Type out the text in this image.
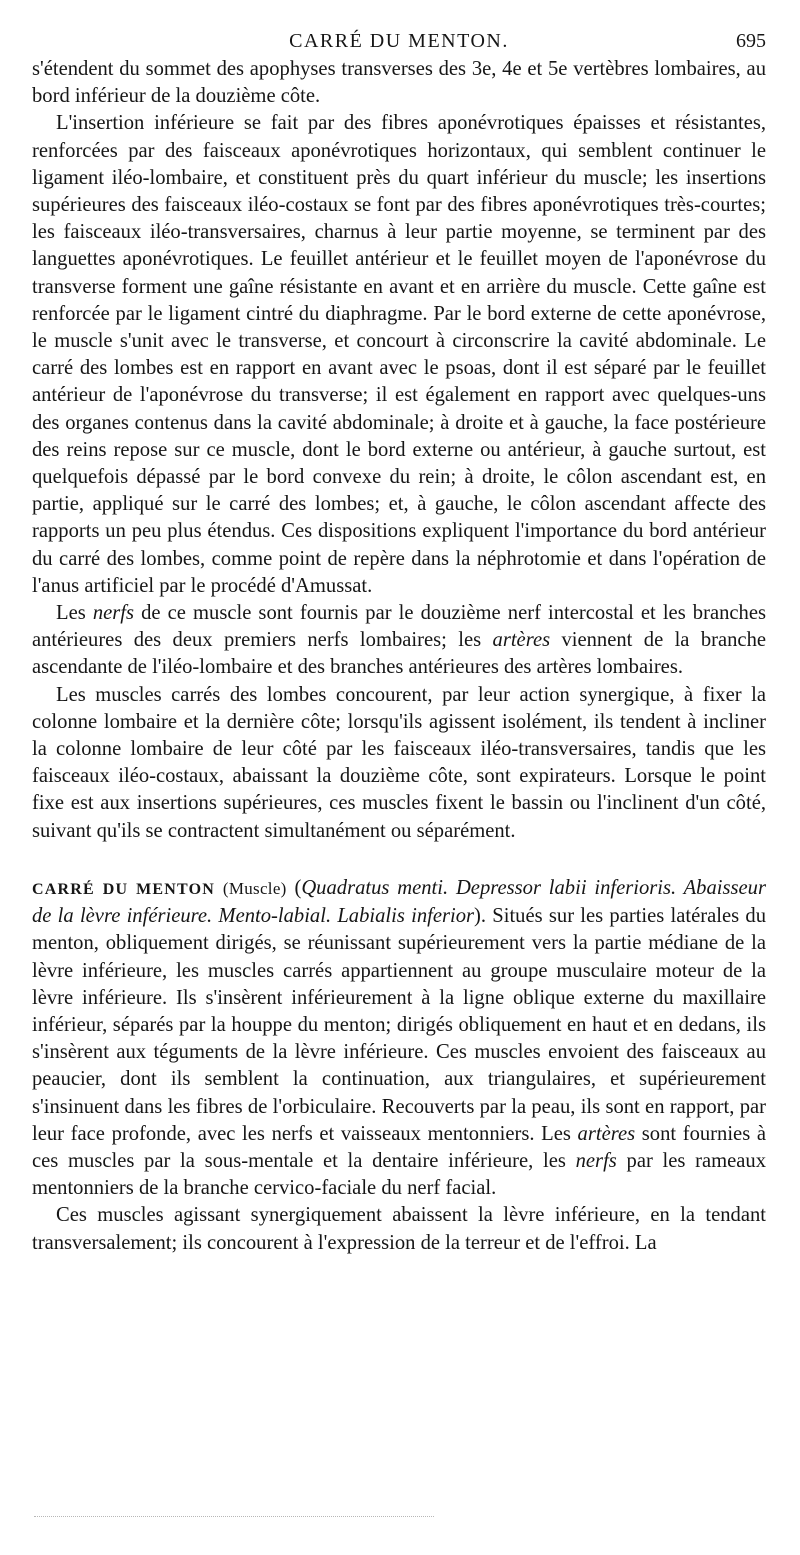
CARRÉ DU MENTON.	695

s'étendent du sommet des apophyses transverses des 3e, 4e et 5e vertèbres lombaires, au bord inférieur de la douzième côte.

L'insertion inférieure se fait par des fibres aponévrotiques épaisses et résistantes, renforcées par des faisceaux aponévrotiques horizontaux, qui semblent continuer le ligament iléo-lombaire, et constituent près du quart inférieur du muscle; les insertions supérieures des faisceaux iléo-costaux se font par des fibres aponévrotiques très-courtes; les faisceaux iléo-transversaires, charnus à leur partie moyenne, se terminent par des languettes aponévrotiques. Le feuillet antérieur et le feuillet moyen de l'aponévrose du transverse forment une gaîne résistante en avant et en arrière du muscle. Cette gaîne est renforcée par le ligament cintré du diaphragme. Par le bord externe de cette aponévrose, le muscle s'unit avec le transverse, et concourt à circonscrire la cavité abdominale. Le carré des lombes est en rapport en avant avec le psoas, dont il est séparé par le feuillet antérieur de l'aponévrose du transverse; il est également en rapport avec quelques-uns des organes contenus dans la cavité abdominale; à droite et à gauche, la face postérieure des reins repose sur ce muscle, dont le bord externe ou antérieur, à gauche surtout, est quelquefois dépassé par le bord convexe du rein; à droite, le côlon ascendant est, en partie, appliqué sur le carré des lombes; et, à gauche, le côlon ascendant affecte des rapports un peu plus étendus. Ces dispositions expliquent l'importance du bord antérieur du carré des lombes, comme point de repère dans la néphrotomie et dans l'opération de l'anus artificiel par le procédé d'Amussat.

Les nerfs de ce muscle sont fournis par le douzième nerf intercostal et les branches antérieures des deux premiers nerfs lombaires; les artères viennent de la branche ascendante de l'iléo-lombaire et des branches antérieures des artères lombaires.

Les muscles carrés des lombes concourent, par leur action synergique, à fixer la colonne lombaire et la dernière côte; lorsqu'ils agissent isolément, ils tendent à incliner la colonne lombaire de leur côté par les faisceaux iléo-transversaires, tandis que les faisceaux iléo-costaux, abaissant la douzième côte, sont expirateurs. Lorsque le point fixe est aux insertions supérieures, ces muscles fixent le bassin ou l'inclinent d'un côté, suivant qu'ils se contractent simultanément ou séparément.

CARRÉ DU MENTON (Muscle) (Quadratus menti. Depressor labii inferioris. Abaisseur de la lèvre inférieure. Mento-labial. Labialis inferior). Situés sur les parties latérales du menton, obliquement dirigés, se réunissant supérieurement vers la partie médiane de la lèvre inférieure, les muscles carrés appartiennent au groupe musculaire moteur de la lèvre inférieure. Ils s'insèrent inférieurement à la ligne oblique externe du maxillaire inférieur, séparés par la houppe du menton; dirigés obliquement en haut et en dedans, ils s'insèrent aux téguments de la lèvre inférieure. Ces muscles envoient des faisceaux au peaucier, dont ils semblent la continuation, aux triangulaires, et supérieurement s'insinuent dans les fibres de l'orbiculaire. Recouverts par la peau, ils sont en rapport, par leur face profonde, avec les nerfs et vaisseaux mentonniers. Les artères sont fournies à ces muscles par la sous-mentale et la dentaire inférieure, les nerfs par les rameaux mentonniers de la branche cervico-faciale du nerf facial.

Ces muscles agissant synergiquement abaissent la lèvre inférieure, en la tendant transversalement; ils concourent à l'expression de la terreur et de l'effroi. La
